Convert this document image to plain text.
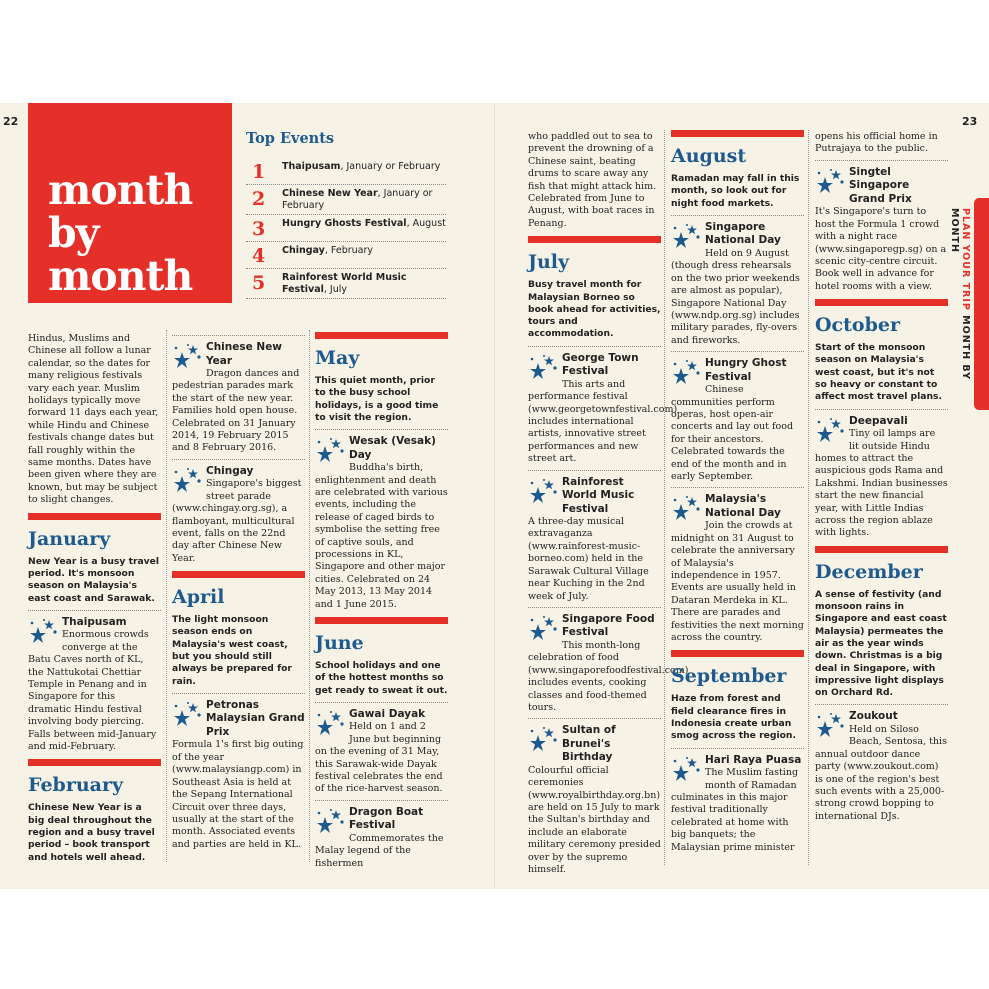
22	23
month
by
month
Top Events
1 Thaipusam, January or February
2 Chinese New Year, January or February
3 Hungry Ghosts Festival, August
4 Chingay, February
5 Rainforest World Music Festival, July	PLAN YOUR TRIP MONTH BY MONTH
Hindus, Muslims and Chinese all follow a lunar calendar, so the dates for many religious festivals vary each year. Muslim holidays typically move forward 11 days each year, while Hindu and Chinese festivals change dates but fall roughly within the same months. Dates have been given where they are known, but may be subject to slight changes.
January
New Year is a busy travel period. It's monsoon season on Malaysia's east coast and Sarawak.
Thaipusam
Enormous crowds converge at the Batu Caves north of KL, the Nattukotai Chettiar Temple in Penang and in Singapore for this dramatic Hindu festival involving body piercing. Falls between mid-January and mid-February.
February
Chinese New Year is a big deal throughout the region and a busy travel period – book transport and hotels well ahead.
Chinese New Year
Dragon dances and pedestrian parades mark the start of the new year. Families hold open house. Celebrated on 31 January 2014, 19 February 2015 and 8 February 2016.
Chingay
Singapore's biggest street parade (www.chingay.org.sg), a flamboyant, multicultural event, falls on the 22nd day after Chinese New Year.
April
The light monsoon season ends on Malaysia's west coast, but you should still always be prepared for rain.
Petronas Malaysian Grand Prix
Formula 1's first big outing of the year (www.malaysiangp.com) in Southeast Asia is held at the Sepang International Circuit over three days, usually at the start of the month. Associated events and parties are held in KL.
May
This quiet month, prior to the busy school holidays, is a good time to visit the region.
Wesak (Vesak) Day
Buddha's birth, enlightenment and death are celebrated with various events, including the release of caged birds to symbolise the setting free of captive souls, and processions in KL, Singapore and other major cities. Celebrated on 24 May 2013, 13 May 2014 and 1 June 2015.
June
School holidays and one of the hottest months so get ready to sweat it out.
Gawai Dayak
Held on 1 and 2 June but beginning on the evening of 31 May, this Sarawak-wide Dayak festival celebrates the end of the rice-harvest season.
Dragon Boat Festival
Commemorates the Malay legend of the fishermen
who paddled out to sea to prevent the drowning of a Chinese saint, beating drums to scare away any fish that might attack him. Celebrated from June to August, with boat races in Penang.
July
Busy travel month for Malaysian Borneo so book ahead for activities, tours and accommodation.
George Town Festival
This arts and performance festival (www.georgetownfestival.com) includes international artists, innovative street performances and new street art.
Rainforest World Music Festival
A three-day musical extravaganza (www.rainforest-music-borneo.com) held in the Sarawak Cultural Village near Kuching in the 2nd week of July.
Singapore Food Festival
This month-long celebration of food (www.singaporefoodfestival.com) includes events, cooking classes and food-themed tours.
Sultan of Brunei's Birthday
Colourful official ceremonies (www.royalbirthday.org.bn) are held on 15 July to mark the Sultan's birthday and include an elaborate military ceremony presided over by the supremo himself.
August
Ramadan may fall in this month, so look out for night food markets.
Singapore National Day
Held on 9 August (though dress rehearsals on the two prior weekends are almost as popular), Singapore National Day (www.ndp.org.sg) includes military parades, fly-overs and fireworks.
Hungry Ghost Festival
Chinese communities perform operas, host open-air concerts and lay out food for their ancestors. Celebrated towards the end of the month and in early September.
Malaysia's National Day
Join the crowds at midnight on 31 August to celebrate the anniversary of Malaysia's independence in 1957. Events are usually held in Dataran Merdeka in KL. There are parades and festivities the next morning across the country.
September
Haze from forest and field clearance fires in Indonesia create urban smog across the region.
Hari Raya Puasa
The Muslim fasting month of Ramadan culminates in this major festival traditionally celebrated at home with big banquets; the Malaysian prime minister
opens his official home in Putrajaya to the public.
Singtel Singapore Grand Prix
It's Singapore's turn to host the Formula 1 crowd with a night race (www.singaporegp.sg) on a scenic city-centre circuit. Book well in advance for hotel rooms with a view.
October
Start of the monsoon season on Malaysia's west coast, but it's not so heavy or constant to affect most travel plans.
Deepavali
Tiny oil lamps are lit outside Hindu homes to attract the auspicious gods Rama and Lakshmi. Indian businesses start the new financial year, with Little Indias across the region ablaze with lights.
December
A sense of festivity (and monsoon rains in Singapore and east coast Malaysia) permeates the air as the year winds down. Christmas is a big deal in Singapore, with impressive light displays on Orchard Rd.
Zoukout
Held on Siloso Beach, Sentosa, this annual outdoor dance party (www.zoukout.com) is one of the region's best such events with a 25,000-strong crowd bopping to international DJs.
